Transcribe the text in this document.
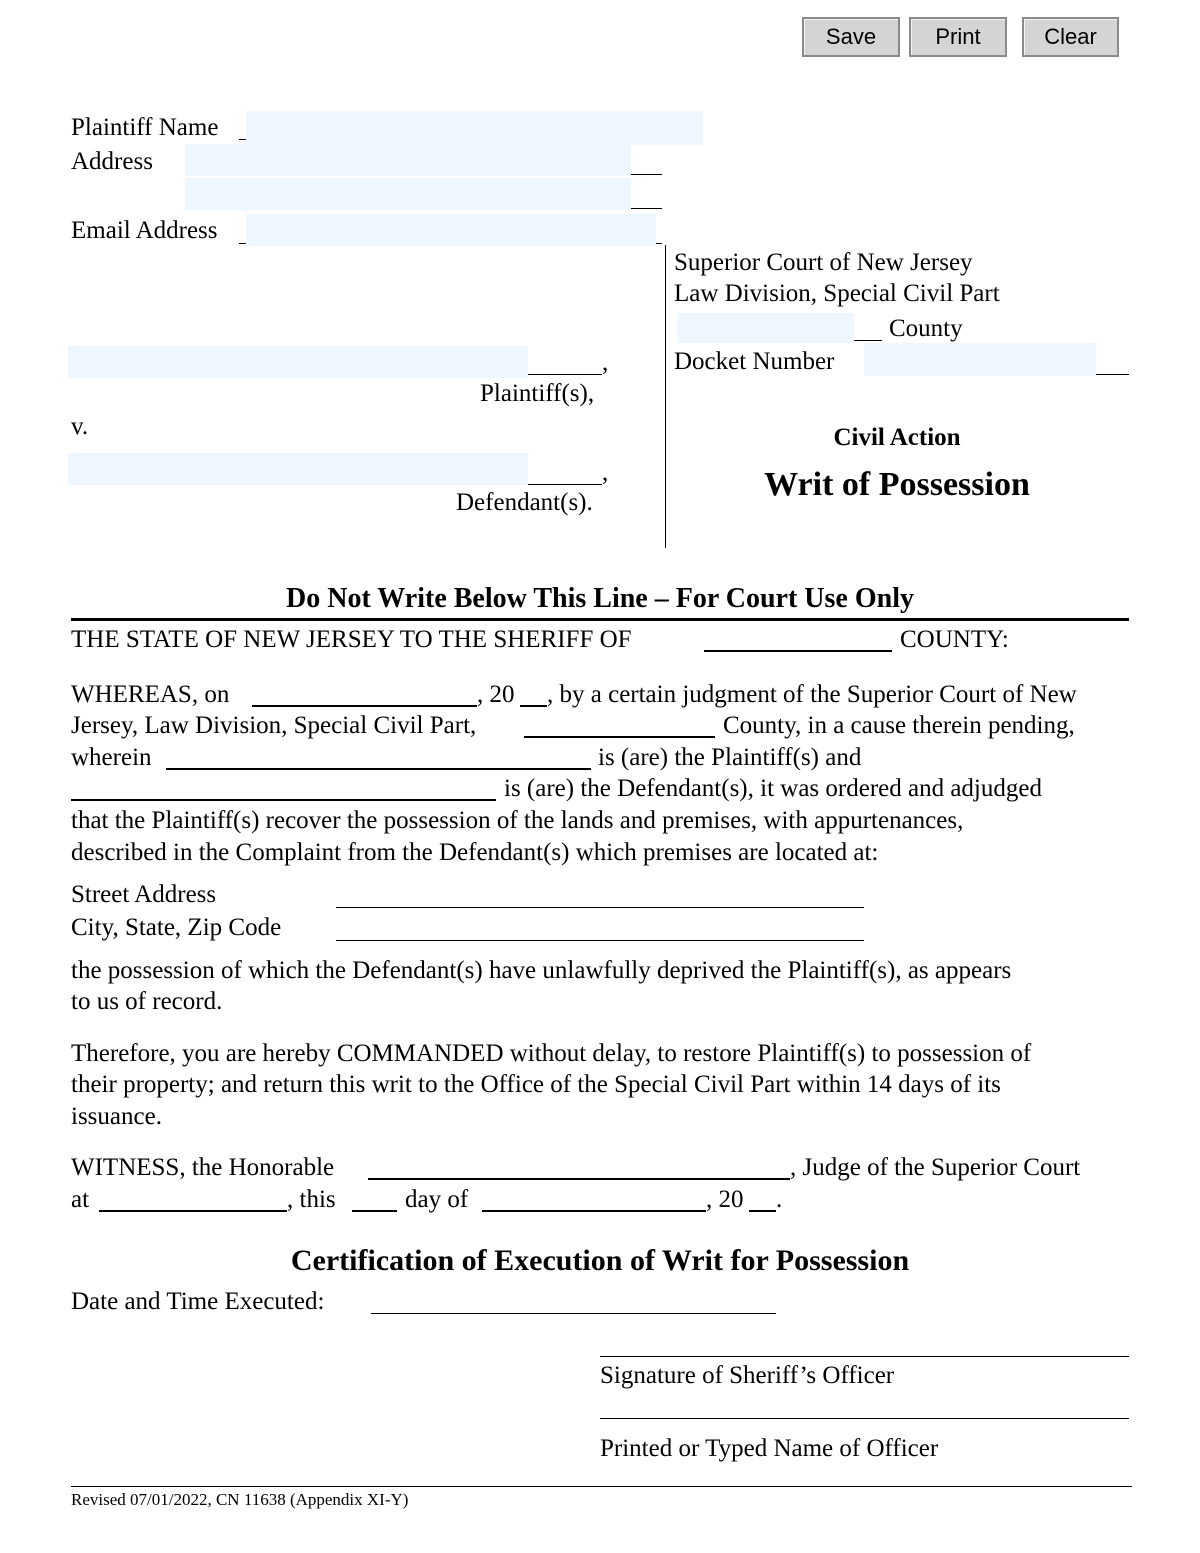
Save	Print	Clear
Plaintiff Name
Address
Email Address
,
Plaintiff(s),
v.
,
Defendant(s).
Superior Court of New Jersey
Law Division, Special Civil Part
County
Docket Number
Civil Action
Writ of Possession
Do Not Write Below This Line – For Court Use Only
THE STATE OF NEW JERSEY TO THE SHERIFF OF	COUNTY:
WHEREAS, on	, 20 , by a certain judgment of the Superior Court of New
Jersey, Law Division, Special Civil Part,	County, in a cause therein pending,
wherein	is (are) the Plaintiff(s) and
is (are) the Defendant(s), it was ordered and adjudged
that the Plaintiff(s) recover the possession of the lands and premises, with appurtenances,
described in the Complaint from the Defendant(s) which premises are located at:
Street Address
City, State, Zip Code
the possession of which the Defendant(s) have unlawfully deprived the Plaintiff(s), as appears
to us of record.
Therefore, you are hereby COMMANDED without delay, to restore Plaintiff(s) to possession of
their property; and return this writ to the Office of the Special Civil Part within 14 days of its
issuance.
WITNESS, the Honorable	, Judge of the Superior Court
at	, this	day of	, 20 .
Certification of Execution of Writ for Possession
Date and Time Executed:
Signature of Sheriff’s Officer
Printed or Typed Name of Officer
Revised 07/01/2022, CN 11638 (Appendix XI-Y)
